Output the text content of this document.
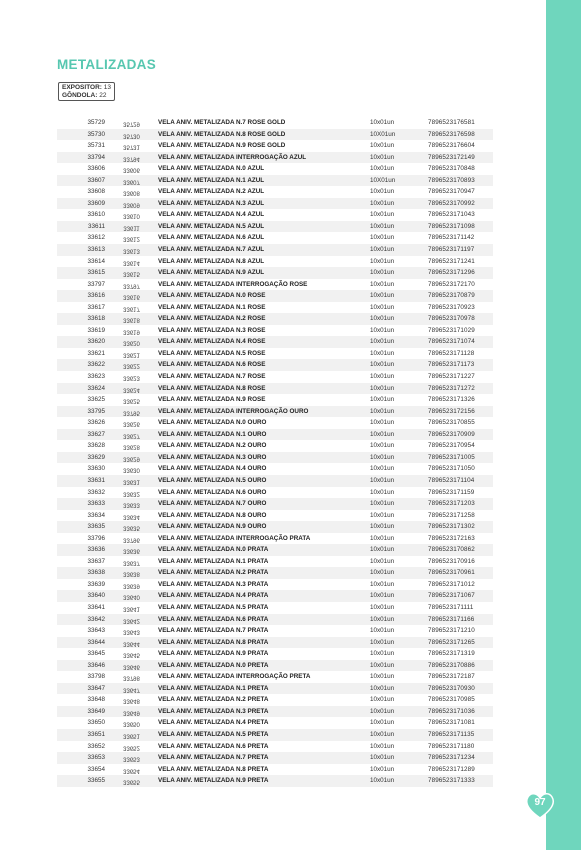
METALIZADAS
EXPOSITOR: 13
GÔNDOLA: 22
35729	35729	VELA ANIV. METALIZADA N.7 ROSE GOLD	10x01un	7896523176581
35730	35730	VELA ANIV. METALIZADA N.8 ROSE GOLD	10X01un	7896523176598
35731	35731	VELA ANIV. METALIZADA N.9 ROSE GOLD	10x01un	7896523176604
33794	33794	VELA ANIV. METALIZADA INTERROGAÇÃO AZUL	10x01un	7896523172149
33606	33606	VELA ANIV. METALIZADA N.0 AZUL	10x01un	7896523170848
33607	33607	VELA ANIV. METALIZADA N.1 AZUL	10X01un	7896523170893
33608	33608	VELA ANIV. METALIZADA N.2 AZUL	10x01un	7896523170947
33609	33609	VELA ANIV. METALIZADA N.3 AZUL	10x01un	7896523170992
33610	33610	VELA ANIV. METALIZADA N.4 AZUL	10x01un	7896523171043
33611	33611	VELA ANIV. METALIZADA N.5 AZUL	10x01un	7896523171098
33612	33612	VELA ANIV. METALIZADA N.6 AZUL	10x01un	7896523171142
33613	33613	VELA ANIV. METALIZADA N.7 AZUL	10x01un	7896523171197
33614	33614	VELA ANIV. METALIZADA N.8 AZUL	10x01un	7896523171241
33615	33615	VELA ANIV. METALIZADA N.9 AZUL	10x01un	7896523171296
33797	33797	VELA ANIV. METALIZADA INTERROGAÇÃO ROSE	10x01un	7896523172170
33616	33616	VELA ANIV. METALIZADA N.0 ROSE	10x01un	7896523170879
33617	33617	VELA ANIV. METALIZADA N.1 ROSE	10x01un	7896523170923
33618	33618	VELA ANIV. METALIZADA N.2 ROSE	10x01un	7896523170978
33619	33619	VELA ANIV. METALIZADA N.3 ROSE	10x01un	7896523171029
33620	33620	VELA ANIV. METALIZADA N.4 ROSE	10x01un	7896523171074
33621	33621	VELA ANIV. METALIZADA N.5 ROSE	10x01un	7896523171128
33622	33622	VELA ANIV. METALIZADA N.6 ROSE	10x01un	7896523171173
33623	33623	VELA ANIV. METALIZADA N.7 ROSE	10x01un	7896523171227
33624	33624	VELA ANIV. METALIZADA N.8 ROSE	10x01un	7896523171272
33625	33625	VELA ANIV. METALIZADA N.9 ROSE	10x01un	7896523171326
33795	33795	VELA ANIV. METALIZADA INTERROGAÇÃO OURO	10x01un	7896523172156
33626	33626	VELA ANIV. METALIZADA N.0 OURO	10x01un	7896523170855
33627	33627	VELA ANIV. METALIZADA N.1 OURO	10x01un	7896523170909
33628	33628	VELA ANIV. METALIZADA N.2 OURO	10x01un	7896523170954
33629	33629	VELA ANIV. METALIZADA N.3 OURO	10x01un	7896523171005
33630	33630	VELA ANIV. METALIZADA N.4 OURO	10x01un	7896523171050
33631	33631	VELA ANIV. METALIZADA N.5 OURO	10x01un	7896523171104
33632	33632	VELA ANIV. METALIZADA N.6 OURO	10x01un	7896523171159
33633	33633	VELA ANIV. METALIZADA N.7 OURO	10x01un	7896523171203
33634	33634	VELA ANIV. METALIZADA N.8 OURO	10x01un	7896523171258
33635	33635	VELA ANIV. METALIZADA N.9 OURO	10x01un	7896523171302
33796	33796	VELA ANIV. METALIZADA INTERROGAÇÃO PRATA	10x01un	7896523172163
33636	33636	VELA ANIV. METALIZADA N.0 PRATA	10x01un	7896523170862
33637	33637	VELA ANIV. METALIZADA N.1 PRATA	10x01un	7896523170916
33638	33638	VELA ANIV. METALIZADA N.2 PRATA	10x01un	7896523170961
33639	33639	VELA ANIV. METALIZADA N.3 PRATA	10x01un	7896523171012
33640	33640	VELA ANIV. METALIZADA N.4 PRATA	10x01un	7896523171067
33641	33641	VELA ANIV. METALIZADA N.5 PRATA	10x01un	7896523171111
33642	33642	VELA ANIV. METALIZADA N.6 PRATA	10x01un	7896523171166
33643	33643	VELA ANIV. METALIZADA N.7 PRATA	10x01un	7896523171210
33644	33644	VELA ANIV. METALIZADA N.8 PRATA	10x01un	7896523171265
33645	33645	VELA ANIV. METALIZADA N.9 PRATA	10x01un	7896523171319
33646	33646	VELA ANIV. METALIZADA N.0 PRETA	10x01un	7896523170886
33798	33798	VELA ANIV. METALIZADA INTERROGAÇÃO PRETA	10x01un	7896523172187
33647	33647	VELA ANIV. METALIZADA N.1 PRETA	10x01un	7896523170930
33648	33648	VELA ANIV. METALIZADA N.2 PRETA	10x01un	7896523170985
33649	33649	VELA ANIV. METALIZADA N.3 PRETA	10x01un	7896523171036
33650	33650	VELA ANIV. METALIZADA N.4 PRETA	10x01un	7896523171081
33651	33651	VELA ANIV. METALIZADA N.5 PRETA	10x01un	7896523171135
33652	33652	VELA ANIV. METALIZADA N.6 PRETA	10x01un	7896523171180
33653	33653	VELA ANIV. METALIZADA N.7 PRETA	10x01un	7896523171234
33654	33654	VELA ANIV. METALIZADA N.8 PRETA	10x01un	7896523171289
33655	33655	VELA ANIV. METALIZADA N.9 PRETA	10x01un	7896523171333
97
